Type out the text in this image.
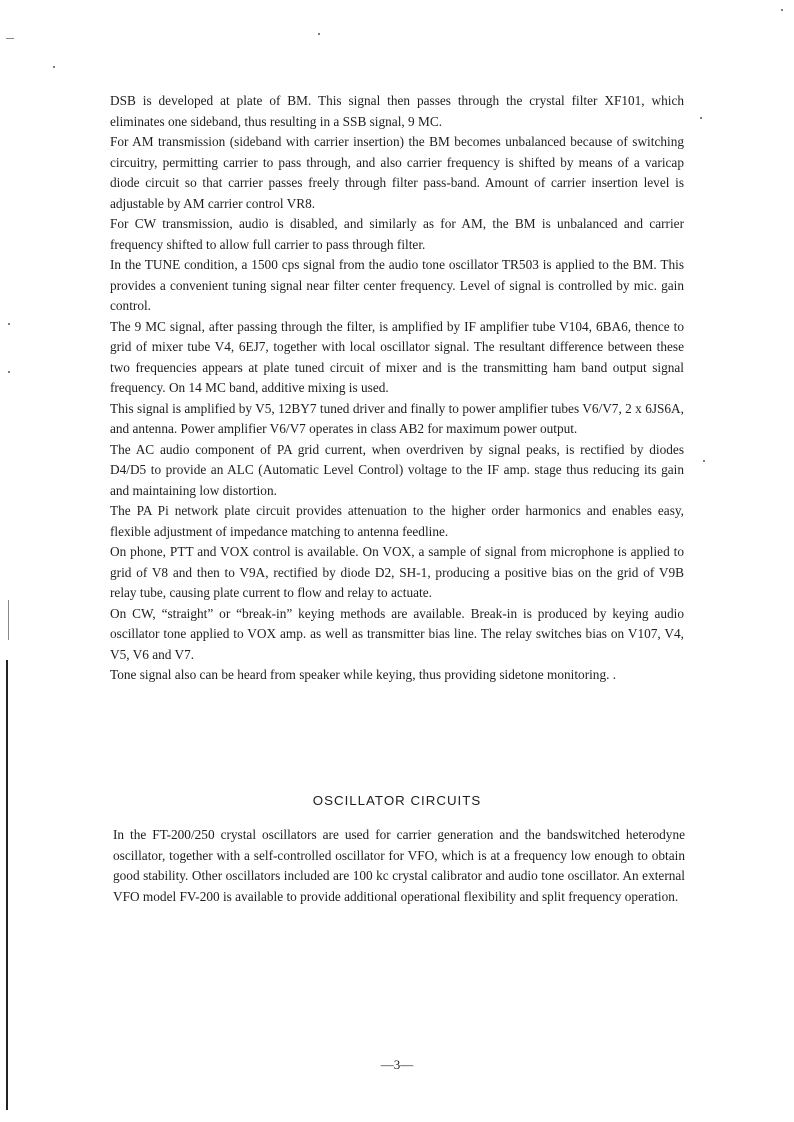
DSB is developed at plate of BM. This signal then passes through the crystal filter XF101, which eliminates one sideband, thus resulting in a SSB signal, 9 MC.

For AM transmission (sideband with carrier insertion) the BM becomes unbalanced because of switching circuitry, permitting carrier to pass through, and also carrier frequency is shifted by means of a varicap diode circuit so that carrier passes freely through filter pass-band. Amount of carrier insertion level is adjustable by AM carrier control VR8.

For CW transmission, audio is disabled, and similarly as for AM, the BM is unbalanced and carrier frequency shifted to allow full carrier to pass through filter.

In the TUNE condition, a 1500 cps signal from the audio tone oscillator TR503 is applied to the BM. This provides a convenient tuning signal near filter center frequency. Level of signal is controlled by mic. gain control.

The 9 MC signal, after passing through the filter, is amplified by IF amplifier tube V104, 6BA6, thence to grid of mixer tube V4, 6EJ7, together with local oscillator signal. The resultant difference between these two frequencies appears at plate tuned circuit of mixer and is the transmitting ham band output signal frequency. On 14 MC band, additive mixing is used.

This signal is amplified by V5, 12BY7 tuned driver and finally to power amplifier tubes V6/V7, 2 x 6JS6A, and antenna. Power amplifier V6/V7 operates in class AB2 for maximum power output.

The AC audio component of PA grid current, when overdriven by signal peaks, is rectified by diodes D4/D5 to provide an ALC (Automatic Level Control) voltage to the IF amp. stage thus reducing its gain and maintaining low distortion.

The PA Pi network plate circuit provides attenuation to the higher order harmonics and enables easy, flexible adjustment of impedance matching to antenna feedline.

On phone, PTT and VOX control is available. On VOX, a sample of signal from microphone is applied to grid of V8 and then to V9A, rectified by diode D2, SH-1, producing a positive bias on the grid of V9B relay tube, causing plate current to flow and relay to actuate.

On CW, “straight” or “break-in” keying methods are available. Break-in is produced by keying audio oscillator tone applied to VOX amp. as well as transmitter bias line. The relay switches bias on V107, V4, V5, V6 and V7.

Tone signal also can be heard from speaker while keying, thus providing sidetone monitoring. .

OSCILLATOR CIRCUITS

In the FT-200/250 crystal oscillators are used for carrier generation and the bandswitched heterodyne oscillator, together with a self-controlled oscillator for VFO, which is at a frequency low enough to obtain good stability. Other oscillators included are 100 kc crystal calibrator and audio tone oscillator. An external VFO model FV-200 is available to provide additional operational flexibility and split frequency operation.

—3—
